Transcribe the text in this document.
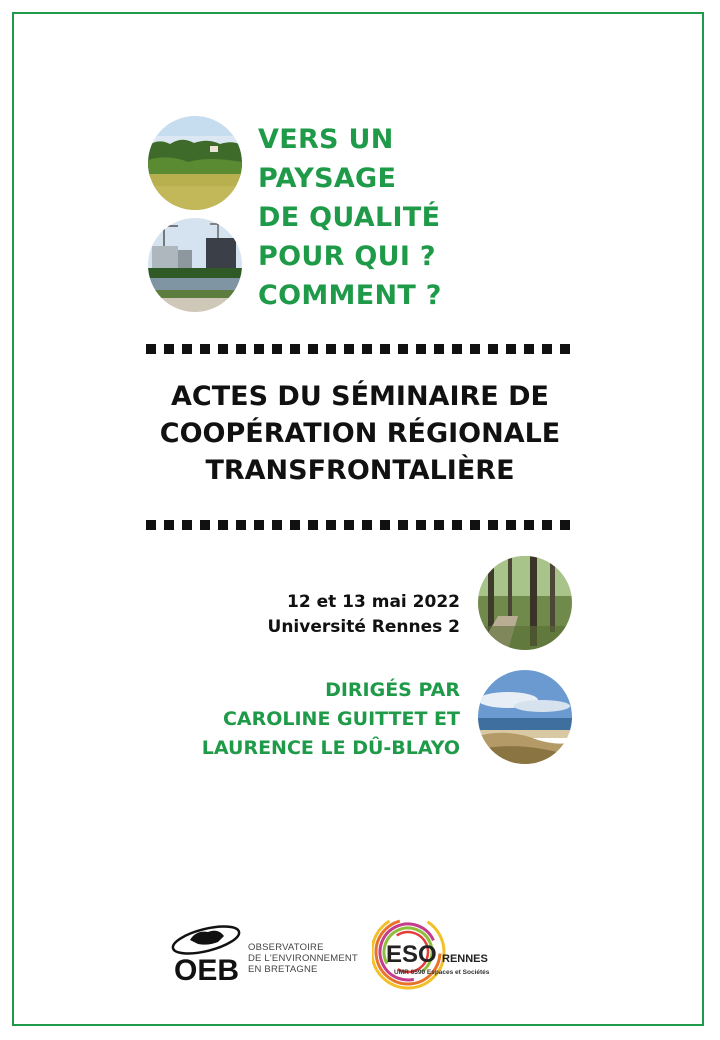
VERS UN
PAYSAGE
DE QUALITÉ
POUR QUI ?
COMMENT ?
ACTES DU SÉMINAIRE DE
COOPÉRATION RÉGIONALE
TRANSFRONTALIÈRE
12 et 13 mai 2022
Université Rennes 2
DIRIGÉS PAR
CAROLINE GUITTET ET
LAURENCE LE DÛ-BLAYO
OEB
OBSERVATOIRE
DE L'ENVIRONNEMENT
EN BRETAGNE
ESO RENNES
UMR 6590 Espaces et Sociétés
